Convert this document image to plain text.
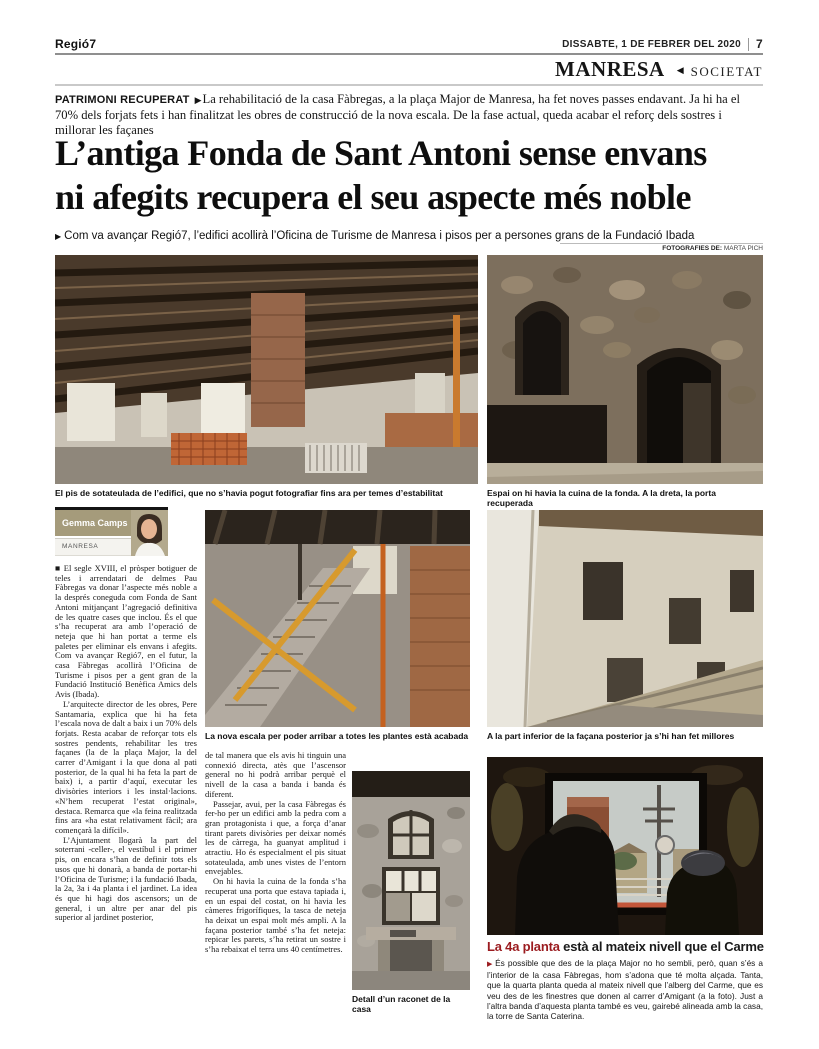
Regió7	DISSABTE, 1 DE FEBRER DEL 2020 7
MANRESA ◀ SOCIETAT
PATRIMONI RECUPERAT ▶La rehabilitació de la casa Fàbregas, a la plaça Major de Manresa, ha fet noves passes endavant. Ja hi ha el 70% dels forjats fets i han finalitzat les obres de construcció de la nova escala. De la fase actual, queda acabar el reforç dels sostres i millorar les façanes
L’antiga Fonda de Sant Antoni sense envans
ni afegits recupera el seu aspecte més noble
▶ Com va avançar Regió7, l’edifici acollirà l’Oficina de Turisme de Manresa i pisos per a persones grans de la Fundació Ibada
FOTOGRAFIES DE: MARTA PICH
El pis de sotateulada de l’edifici, que no s’havia pogut fotografiar fins ara per temes d’estabilitat	Espai on hi havia la cuina de la fonda. A la dreta, la porta recuperada
Gemma Camps
MANRESA

■ El segle XVIII, el pròsper botiguer de teles i arrendatari de delmes Pau Fàbregas va donar l’aspecte més noble a la després coneguda com Fonda de Sant Antoni mitjançant l’agregació definitiva de les quatre cases que inclou. És el que s’ha recuperat ara amb l’operació de neteja que hi han portat a terme els paletes per eliminar els envans i afegits. Com va avançar Regió7, en el futur, la casa Fàbregas acollirà l’Oficina de Turisme i pisos per a gent gran de la Fundació Institució Benèfica Amics dels Avis (Ibada).

L’arquitecte director de les obres, Pere Santamaria, explica que hi ha feta l’escala nova de dalt a baix i un 70% dels forjats. Resta acabar de reforçar tots els sostres pendents, rehabilitar les tres façanes (la de la plaça Major, la del carrer d’Amigant i la que dona al pati posterior, de la qual hi ha feta la part de baix) i, a partir d’aquí, executar les divisòries interiors i les instal·lacions. «N’hem recuperat l’estat original», destaca. Remarca que «la feina realitzada fins ara «ha estat relativament fàcil; ara començarà la difícil».

L’Ajuntament llogarà la part del soterrani -celler-, el vestíbul i el primer pis, on encara s’han de definir tots els usos que hi donarà, a banda de portar-hi l’Oficina de Turisme; i la fundació Ibada, la 2a, 3a i 4a planta i el jardinet. La idea és que hi hagi dos ascensors; un de general, i un altre per anar del pis superior al jardinet posterior,

La nova escala per poder arribar a totes les plantes està acabada A la part inferior de la façana posterior ja s’hi han fet millores

de tal manera que els avis hi tinguin una connexió directa, atès que l’ascensor general no hi podrà arribar perquè el nivell de la casa a banda i banda és diferent.

Passejar, avui, per la casa Fàbregas és fer-ho per un edifici amb la pedra com a gran protagonista i que, a força d’anar tirant parets divisòries per deixar només les de càrrega, ha guanyat amplitud i atractiu. Ho és especialment el pis situat sotateulada, amb unes vistes de l’entorn envejables.

On hi havia la cuina de la fonda s’ha recuperat una porta que estava tapiada i, en un espai del costat, on hi havia les càmeres frigorífiques, la tasca de neteja ha deixat un espai molt més ampli. A la façana posterior també s’ha fet neteja: repicar les parets, s’ha retirat un sostre i s’ha rebaixat el terra uns 40 centímetres.

Detall d’un raconet de la casa
La 4a planta està al mateix nivell que el Carme
▶ És possible que des de la plaça Major no ho sembli, però, quan s’és a l’interior de la casa Fàbregas, hom s’adona que té molta alçada. Tanta, que la quarta planta queda al mateix nivell que l’alberg del Carme, que es veu des de les finestres que donen al carrer d’Amigant (a la foto). Just a l’altra banda d’aquesta planta també es veu, gairebé alineada amb la casa, la torre de Santa Caterina.
